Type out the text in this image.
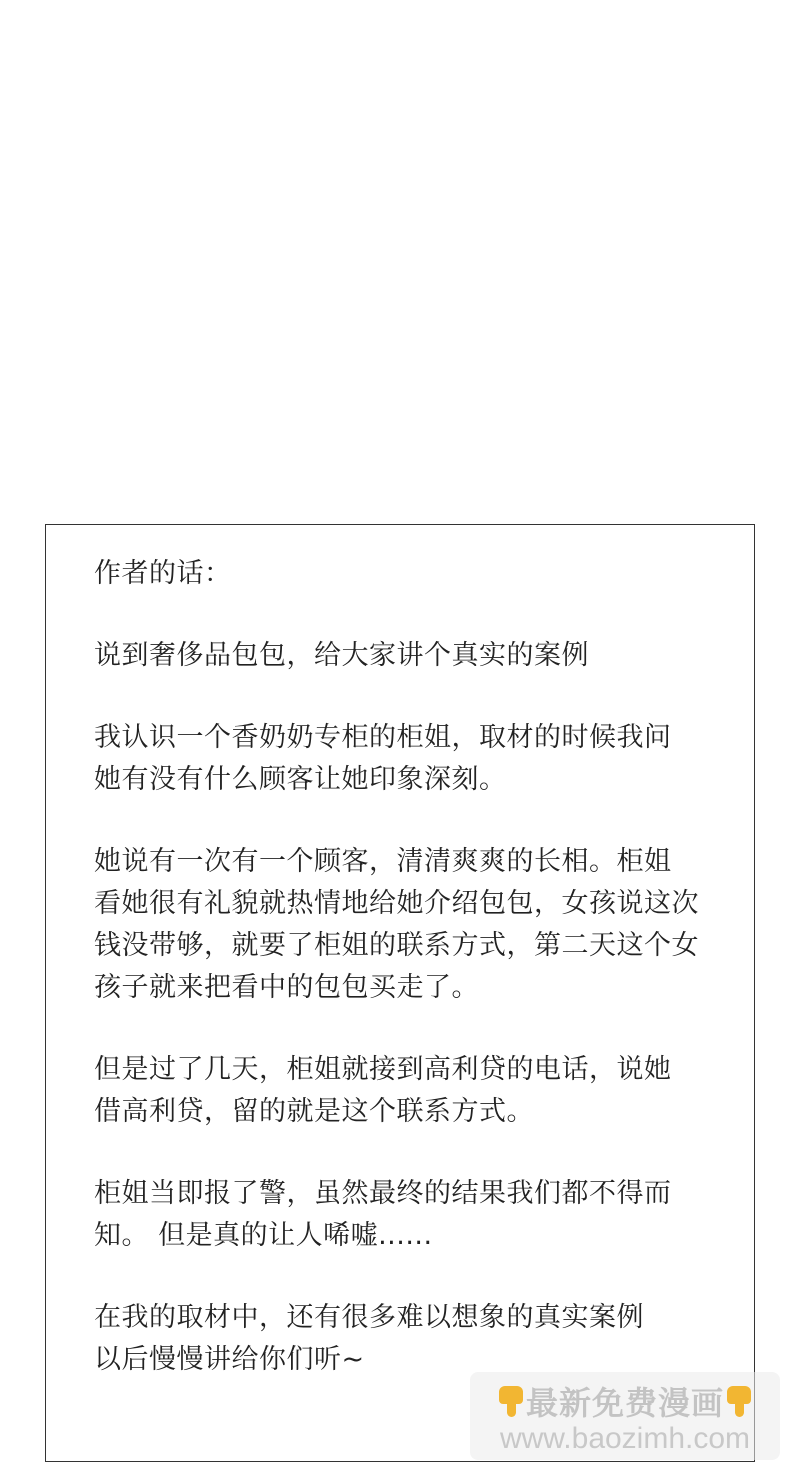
作者的话：
说到奢侈品包包，给大家讲个真实的案例
我认识一个香奶奶专柜的柜姐，取材的时候我问
她有没有什么顾客让她印象深刻。
她说有一次有一个顾客，清清爽爽的长相。柜姐
看她很有礼貌就热情地给她介绍包包，女孩说这次
钱没带够，就要了柜姐的联系方式，第二天这个女
孩子就来把看中的包包买走了。
但是过了几天，柜姐就接到高利贷的电话，说她
借高利贷，留的就是这个联系方式。
柜姐当即报了警，虽然最终的结果我们都不得而
知。 但是真的让人唏嘘......
在我的取材中，还有很多难以想象的真实案例
以后慢慢讲给你们听~
最新免费漫画
www.baozimh.com
